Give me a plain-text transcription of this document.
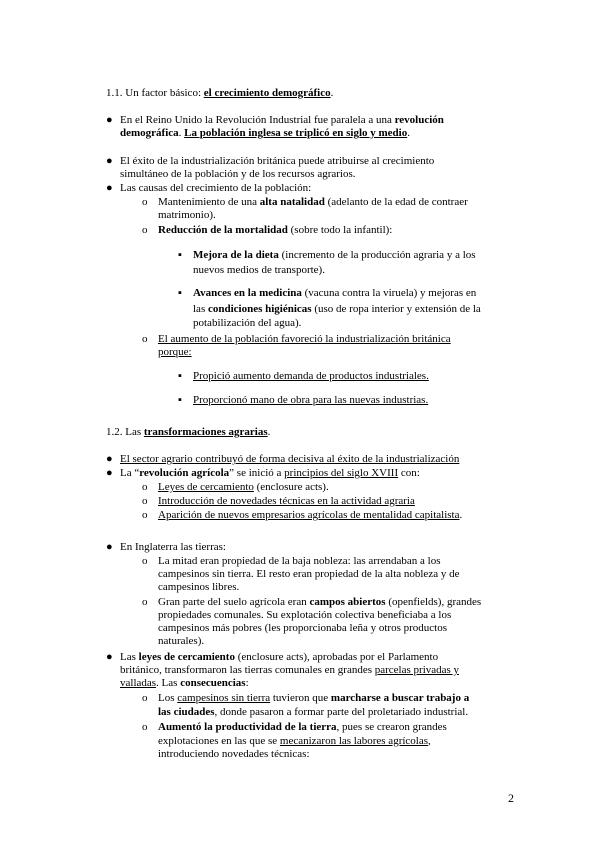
1.1. Un factor básico: el crecimiento demográfico.
● En el Reino Unido la Revolución Industrial fue paralela a una revolución
demográfica. La población inglesa se triplicó en siglo y medio.
● El éxito de la industrialización británica puede atribuirse al crecimiento
simultáneo de la población y de los recursos agrarios.
● Las causas del crecimiento de la población:
o Mantenimiento de una alta natalidad (adelanto de la edad de contraer
matrimonio).
o Reducción de la mortalidad (sobre todo la infantil):
▪	Mejora de la dieta (incremento de la producción agraria y a los
nuevos medios de transporte).
▪	Avances en la medicina (vacuna contra la viruela) y mejoras en
las condiciones higiénicas (uso de ropa interior y extensión de la
potabilización del agua).
o El aumento de la población favoreció la industrialización británica
porque:
▪	Propició aumento demanda de productos industriales.
▪	Proporcionó mano de obra para las nuevas industrias.
1.2. Las transformaciones agrarias.
● El sector agrario contribuyó de forma decisiva al éxito de la industrialización
● La “revolución agrícola” se inició a principios del siglo XVIII con:
o Leyes de cercamiento (enclosure acts).
o Introducción de novedades técnicas en la actividad agraria
o Aparición de nuevos empresarios agrícolas de mentalidad capitalista.
● En Inglaterra las tierras:
o La mitad eran propiedad de la baja nobleza: las arrendaban a los
campesinos sin tierra. El resto eran propiedad de la alta nobleza y de
campesinos libres.
o Gran parte del suelo agrícola eran campos abiertos (openfields), grandes
propiedades comunales. Su explotación colectiva beneficiaba a los
campesinos más pobres (les proporcionaba leña y otros productos
naturales).
● Las leyes de cercamiento (enclosure acts), aprobadas por el Parlamento
británico, transformaron las tierras comunales en grandes parcelas privadas y
valladas. Las consecuencias:
o Los campesinos sin tierra tuvieron que marcharse a buscar trabajo a
las ciudades, donde pasaron a formar parte del proletariado industrial.
o Aumentó la productividad de la tierra, pues se crearon grandes
explotaciones en las que se mecanizaron las labores agrícolas,
introduciendo novedades técnicas:
2
